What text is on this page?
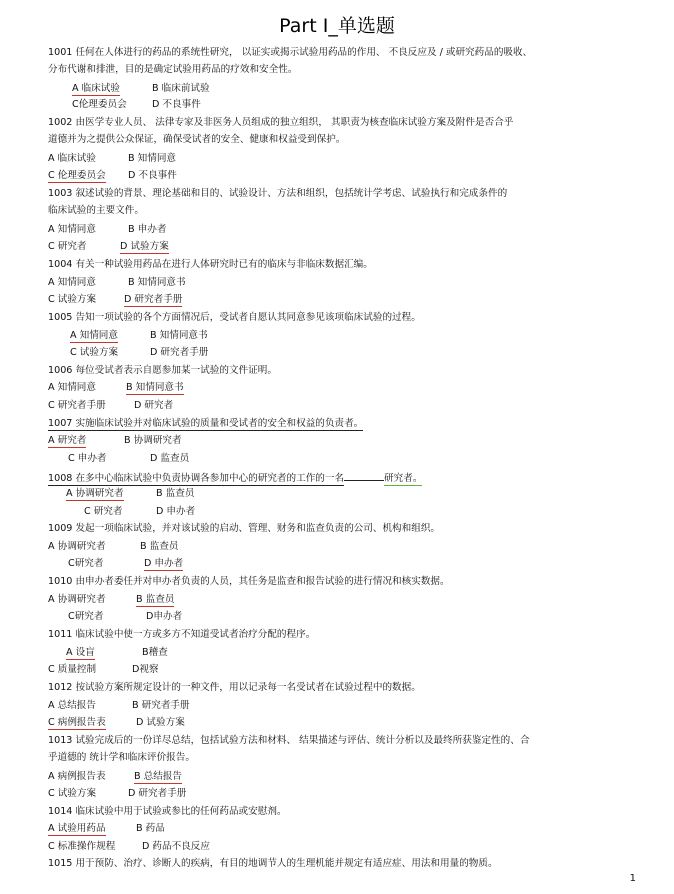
Part I_单选题
1001 任何在人体进行的药品的系统性研究， 以证实或揭示试验用药品的作用、 不良反应及 / 或研究药品的吸收、
分布代谢和排泄，目的是确定试验用药品的疗效和安全性。
A 临床试验	B 临床前试验
C伦理委员会	D 不良事件
1002 由医学专业人员、 法律专家及非医务人员组成的独立组织， 其职责为核查临床试验方案及附件是否合乎
道德并为之提供公众保证，确保受试者的安全、健康和权益受到保护。
A 临床试验	B 知情同意
C 伦理委员会 D 不良事件
1003 叙述试验的背景、理论基础和目的、试验设计、方法和组织，包括统计学考虑、试验执行和完成条件的
临床试验的主要文件。
A 知情同意	B 申办者
C 研究者	D 试验方案
1004 有关一种试验用药品在进行人体研究时已有的临床与非临床数据汇编。
A 知情同意	B 知情同意书
C 试验方案	D 研究者手册
1005 告知一项试验的各个方面情况后，受试者自愿认其同意参见该项临床试验的过程。
A 知情同意	B 知情同意书
C 试验方案	D 研究者手册
1006 每位受试者表示自愿参加某一试验的文件证明。
A 知情同意	B 知情同意书
C 研究者手册	D 研究者
1007 实施临床试验并对临床试验的质量和受试者的安全和权益的负责者。
A 研究者	B 协调研究者
C 申办者	D 监查员
1008 在多中心临床试验中负责协调各参加中心的研究者的工作的一名	研究者。
A 协调研究者	B 监查员
C 研究者	D 申办者
1009 发起一项临床试验，并对该试验的启动、管理、财务和监查负责的公司、机构和组织。
A 协调研究者	B 监查员
C研究者	D 申办者
1010 由申办者委任并对申办者负责的人员，其任务是监查和报告试验的进行情况和核实数据。
A 协调研究者	B 监查员
C研究者	D申办者
1011 临床试验中使一方或多方不知道受试者治疗分配的程序。
A 设盲	B稽查
C 质量控制	D视察
1012 按试验方案所规定设计的一种文件，用以记录每一名受试者在试验过程中的数据。
A 总结报告	B 研究者手册
C 病例报告表	D 试验方案
1013 试验完成后的一份详尽总结，包括试验方法和材料、 结果描述与评估、统计分析以及最终所获鉴定性的、合
乎道德的 统计学和临床评价报告。
A 病例报告表	B 总结报告
C 试验方案	D 研究者手册
1014 临床试验中用于试验或参比的任何药品或安慰剂。
A 试验用药品	B 药品
C 标准操作规程	D 药品不良反应
1015 用于预防、治疗、诊断人的疾病，有目的地调节人的生理机能并规定有适应症、用法和用量的物质。
1
